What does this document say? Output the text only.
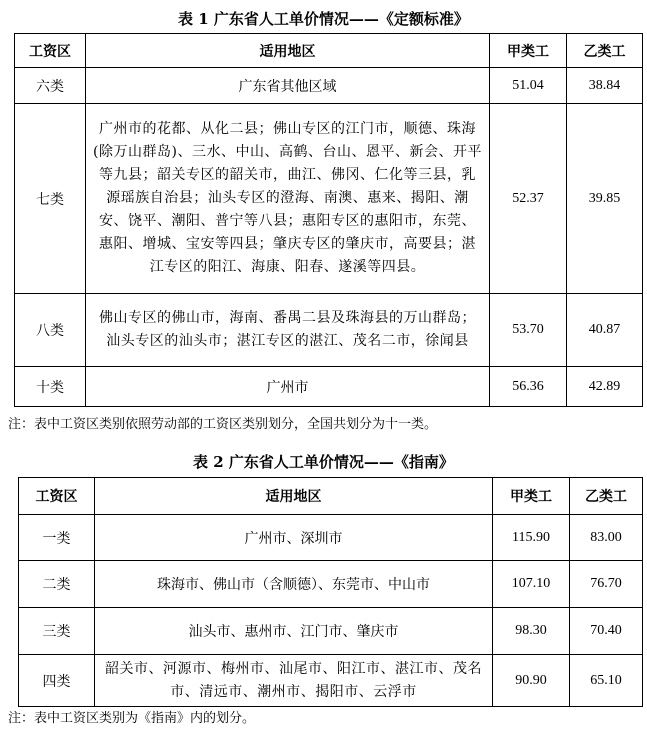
表 1 广东省人工单价情况——《定额标准》
工资区	适用地区	甲类工	乙类工
六类	广东省其他区域	51.04	38.84
七类	广州市的花都、从化二县；佛山专区的江门市，顺德、珠海(除万山群岛)、三水、中山、高鹤、台山、恩平、新会、开平等九县；韶关专区的韶关市，曲江、佛冈、仁化等三县，乳源瑶族自治县；汕头专区的澄海、南澳、惠来、揭阳、潮安、饶平、潮阳、普宁等八县；惠阳专区的惠阳市，东莞、惠阳、增城、宝安等四县；肇庆专区的肇庆市，高要县；湛江专区的阳江、海康、阳春、遂溪等四县。	52.37	39.85
八类	佛山专区的佛山市，海南、番禺二县及珠海县的万山群岛；汕头专区的汕头市；湛江专区的湛江、茂名二市，徐闻县	53.70	40.87
十类	广州市	56.36	42.89
注：表中工资区类别依照劳动部的工资区类别划分，全国共划分为十一类。
表 2 广东省人工单价情况——《指南》
工资区	适用地区	甲类工	乙类工
一类	广州市、深圳市	115.90	83.00
二类	珠海市、佛山市（含顺德）、东莞市、中山市	107.10	76.70
三类	汕头市、惠州市、江门市、肇庆市	98.30	70.40
四类	韶关市、河源市、梅州市、汕尾市、阳江市、湛江市、茂名市、清远市、潮州市、揭阳市、云浮市	90.90	65.10
注：表中工资区类别为《指南》内的划分。
